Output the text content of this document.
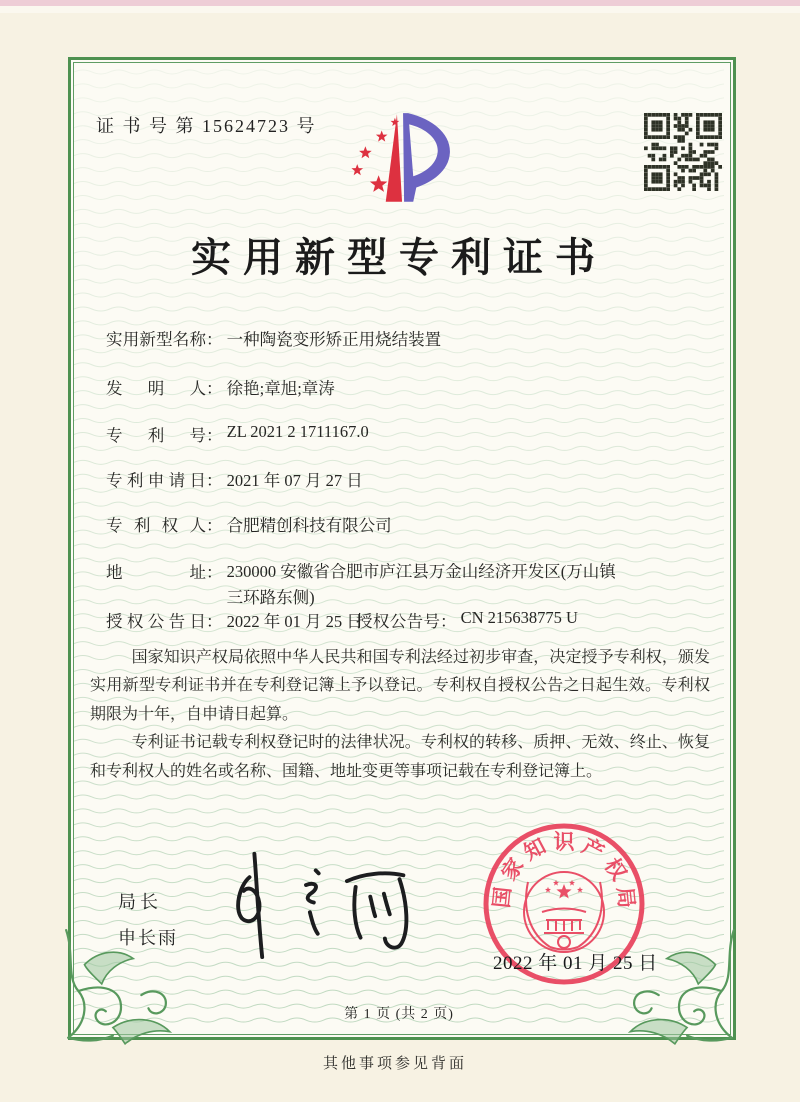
证 书 号 第 15624723 号
实用新型专利证书
实用新型名称： 一种陶瓷变形矫正用烧结装置
发明人： 徐艳;章旭;章涛
专利号： ZL 2021 2 1711167.0
专利申请日： 2021 年 07 月 27 日
专利权人： 合肥精创科技有限公司
地址： 230000 安徽省合肥市庐江县万金山经济开发区(万山镇三环路东侧)
授权公告日： 2022 年 01 月 25 日
授权公告号： CN 215638775 U

国家知识产权局依照中华人民共和国专利法经过初步审查，决定授予专利权，颁发实用新型专利证书并在专利登记簿上予以登记。专利权自授权公告之日起生效。专利权期限为十年，自申请日起算。

专利证书记载专利权登记时的法律状况。专利权的转移、质押、无效、终止、恢复和专利权人的姓名或名称、国籍、地址变更等事项记载在专利登记簿上。

局长
申长雨
国
家
知 识 产
权
局
2022 年 01 月 25 日
第 1 页 (共 2 页)
其他事项参见背面
